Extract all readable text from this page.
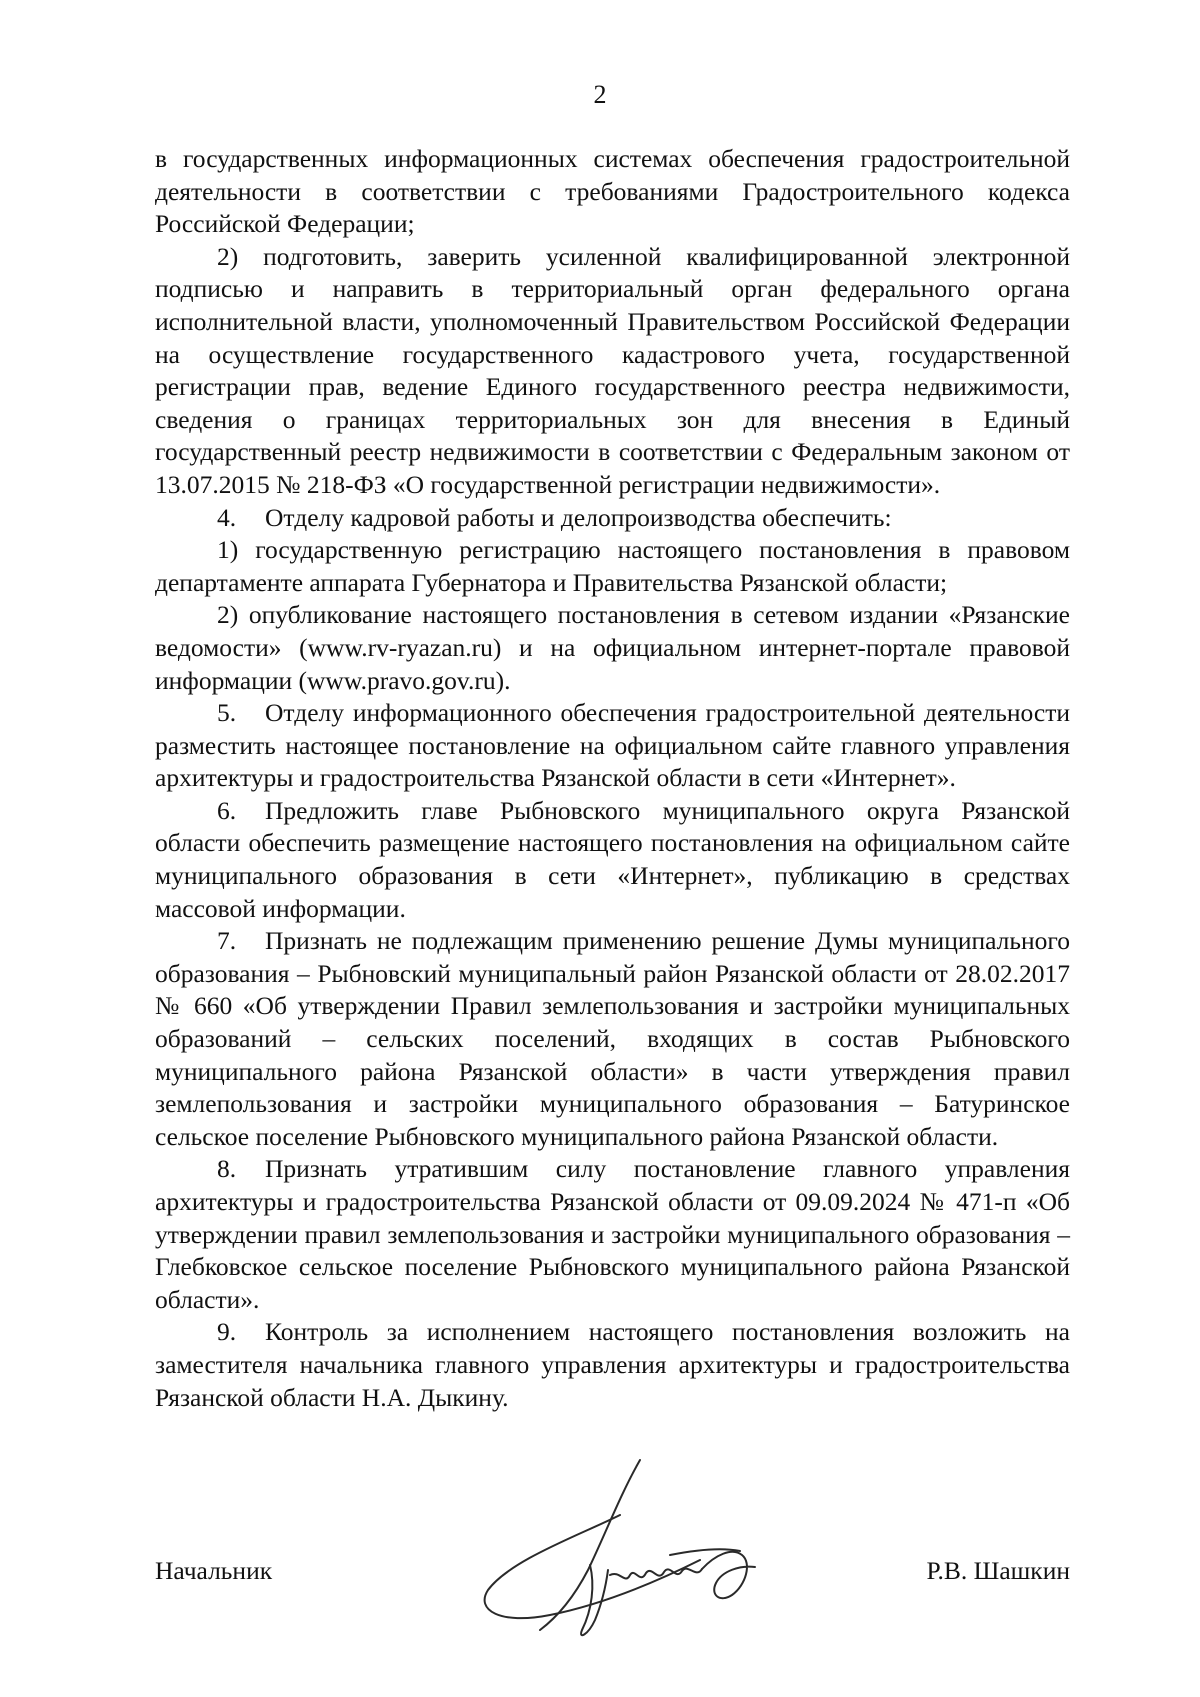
2

в государственных информационных системах обеспечения градостроительной деятельности в соответствии с требованиями Градостроительного кодекса Российской Федерации;

2) подготовить, заверить усиленной квалифицированной электронной подписью и направить в территориальный орган федерального органа исполнительной власти, уполномоченный Правительством Российской Федерации на осуществление государственного кадастрового учета, государственной регистрации прав, ведение Единого государственного реестра недвижимости, сведения о границах территориальных зон для внесения в Единый государственный реестр недвижимости в соответствии с Федеральным законом от 13.07.2015 № 218-ФЗ «О государственной регистрации недвижимости».

4. Отделу кадровой работы и делопроизводства обеспечить:

1) государственную регистрацию настоящего постановления в правовом департаменте аппарата Губернатора и Правительства Рязанской области;

2) опубликование настоящего постановления в сетевом издании «Рязанские ведомости» (www.rv-ryazan.ru) и на официальном интернет-портале правовой информации (www.pravo.gov.ru).

5. Отделу информационного обеспечения градостроительной деятельности разместить настоящее постановление на официальном сайте главного управления архитектуры и градостроительства Рязанской области в сети «Интернет».

6. Предложить главе Рыбновского муниципального округа Рязанской области обеспечить размещение настоящего постановления на официальном сайте муниципального образования в сети «Интернет», публикацию в средствах массовой информации.

7. Признать не подлежащим применению решение Думы муниципального образования – Рыбновский муниципальный район Рязанской области от 28.02.2017 № 660 «Об утверждении Правил землепользования и застройки муниципальных образований – сельских поселений, входящих в состав Рыбновского муниципального района Рязанской области» в части утверждения правил землепользования и застройки муниципального образования – Батуринское сельское поселение Рыбновского муниципального района Рязанской области.

8. Признать утратившим силу постановление главного управления архитектуры и градостроительства Рязанской области от 09.09.2024 № 471-п «Об утверждении правил землепользования и застройки муниципального образования – Глебковское сельское поселение Рыбновского муниципального района Рязанской области».

9. Контроль за исполнением настоящего постановления возложить на заместителя начальника главного управления архитектуры и градостроительства Рязанской области Н.А. Дыкину.

Начальник	Р.В. Шашкин
